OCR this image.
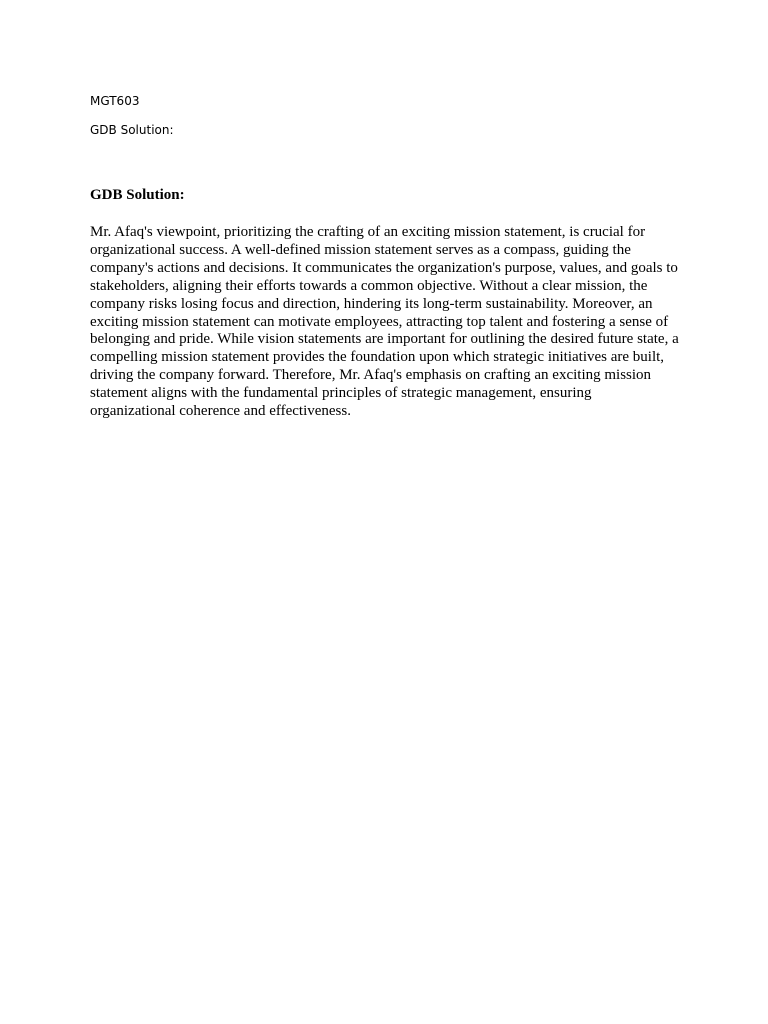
MGT603
GDB Solution:
GDB Solution:

Mr. Afaq's viewpoint, prioritizing the crafting of an exciting mission statement, is crucial for organizational success. A well-defined mission statement serves as a compass, guiding the company's actions and decisions. It communicates the organization's purpose, values, and goals to stakeholders, aligning their efforts towards a common objective. Without a clear mission, the company risks losing focus and direction, hindering its long-term sustainability. Moreover, an exciting mission statement can motivate employees, attracting top talent and fostering a sense of belonging and pride. While vision statements are important for outlining the desired future state, a compelling mission statement provides the foundation upon which strategic initiatives are built, driving the company forward. Therefore, Mr. Afaq's emphasis on crafting an exciting mission statement aligns with the fundamental principles of strategic management, ensuring organizational coherence and effectiveness.
